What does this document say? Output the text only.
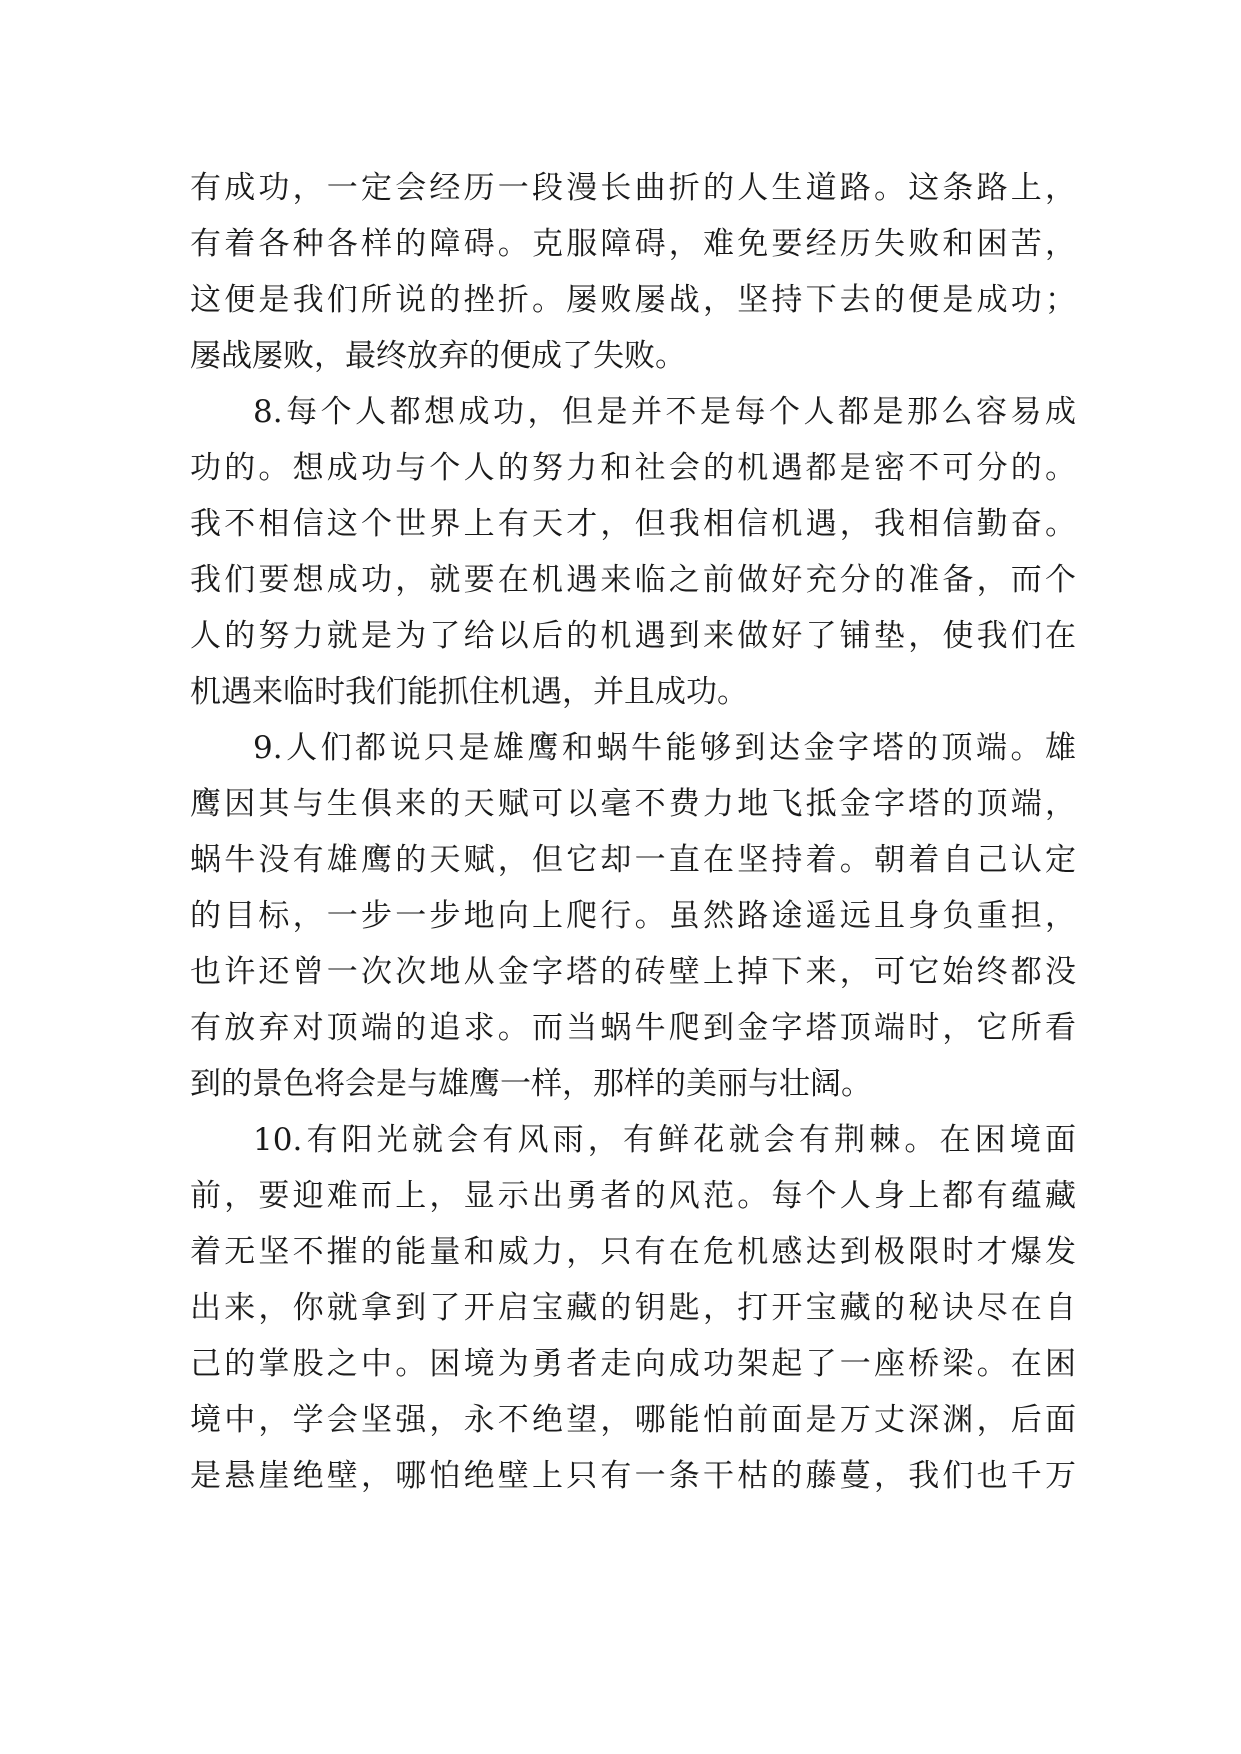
有成功，一定会经历一段漫长曲折的人生道路。这条路上，
有着各种各样的障碍。克服障碍，难免要经历失败和困苦，
这便是我们所说的挫折。屡败屡战，坚持下去的便是成功；
屡战屡败，最终放弃的便成了失败。
8.每个人都想成功，但是并不是每个人都是那么容易成
功的。想成功与个人的努力和社会的机遇都是密不可分的。
我不相信这个世界上有天才，但我相信机遇，我相信勤奋。
我们要想成功，就要在机遇来临之前做好充分的准备，而个
人的努力就是为了给以后的机遇到来做好了铺垫，使我们在
机遇来临时我们能抓住机遇，并且成功。
9.人们都说只是雄鹰和蜗牛能够到达金字塔的顶端。雄
鹰因其与生俱来的天赋可以毫不费力地飞抵金字塔的顶端，
蜗牛没有雄鹰的天赋，但它却一直在坚持着。朝着自己认定
的目标，一步一步地向上爬行。虽然路途遥远且身负重担，
也许还曾一次次地从金字塔的砖壁上掉下来，可它始终都没
有放弃对顶端的追求。而当蜗牛爬到金字塔顶端时，它所看
到的景色将会是与雄鹰一样，那样的美丽与壮阔。
10.有阳光就会有风雨，有鲜花就会有荆棘。在困境面
前，要迎难而上，显示出勇者的风范。每个人身上都有蕴藏
着无坚不摧的能量和威力，只有在危机感达到极限时才爆发
出来，你就拿到了开启宝藏的钥匙，打开宝藏的秘诀尽在自
己的掌股之中。困境为勇者走向成功架起了一座桥梁。在困
境中，学会坚强，永不绝望，哪能怕前面是万丈深渊，后面
是悬崖绝壁，哪怕绝壁上只有一条干枯的藤蔓，我们也千万
